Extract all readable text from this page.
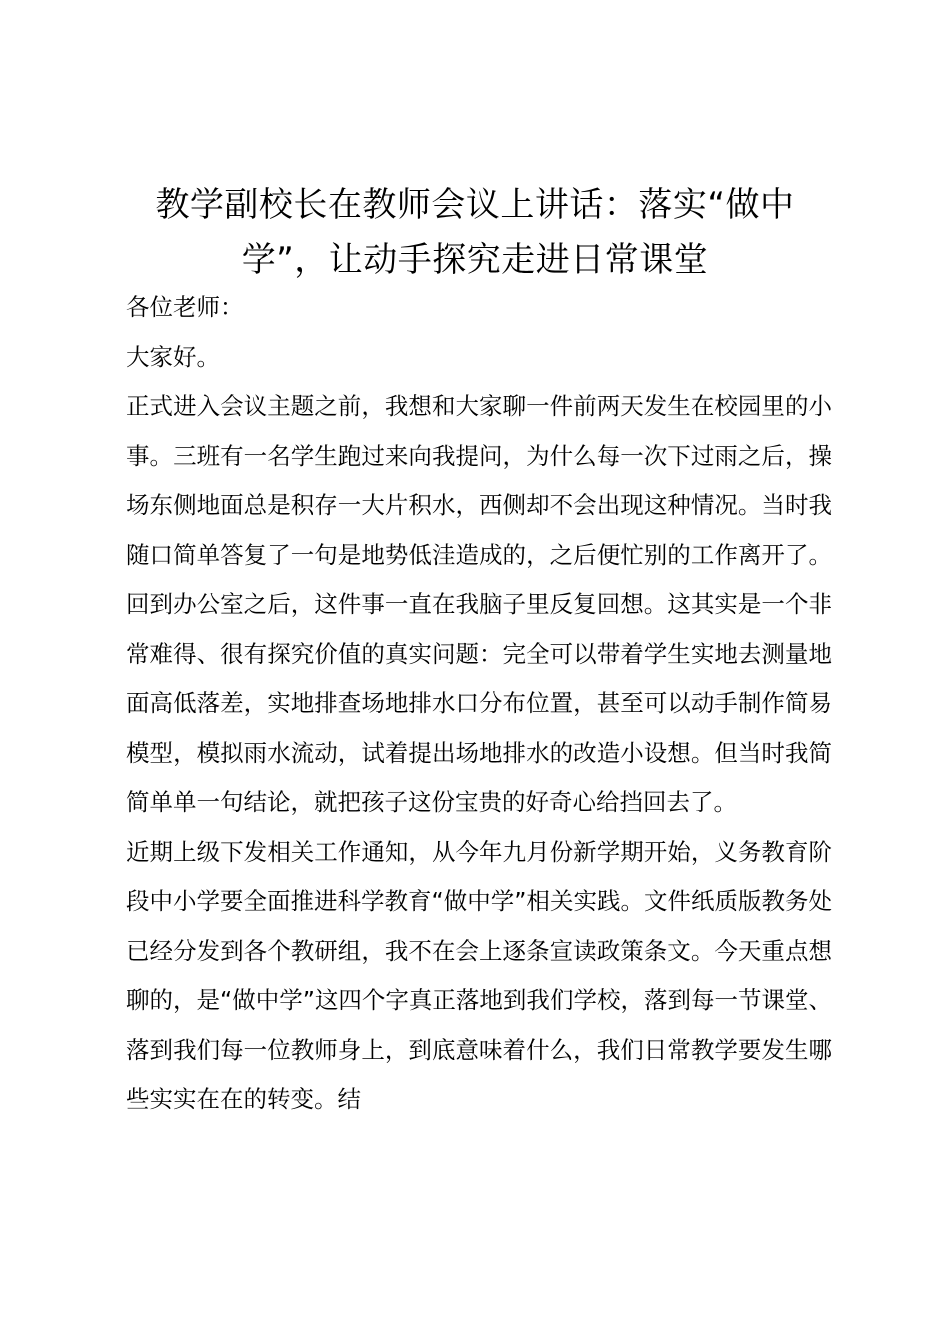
教学副校长在教师会议上讲话：落实“做中学”，让动手探究走进日常课堂

各位老师：

大家好。

正式进入会议主题之前，我想和大家聊一件前两天发生在校园里的小事。三班有一名学生跑过来向我提问，为什么每一次下过雨之后，操场东侧地面总是积存一大片积水，西侧却不会出现这种情况。当时我随口简单答复了一句是地势低洼造成的，之后便忙别的工作离开了。回到办公室之后，这件事一直在我脑子里反复回想。这其实是一个非常难得、很有探究价值的真实问题：完全可以带着学生实地去测量地面高低落差，实地排查场地排水口分布位置，甚至可以动手制作简易模型，模拟雨水流动，试着提出场地排水的改造小设想。但当时我简简单单一句结论，就把孩子这份宝贵的好奇心给挡回去了。

近期上级下发相关工作通知，从今年九月份新学期开始，义务教育阶段中小学要全面推进科学教育“做中学”相关实践。文件纸质版教务处已经分发到各个教研组，我不在会上逐条宣读政策条文。今天重点想聊的，是“做中学”这四个字真正落地到我们学校，落到每一节课堂、落到我们每一位教师身上，到底意味着什么，我们日常教学要发生哪些实实在在的转变。结
